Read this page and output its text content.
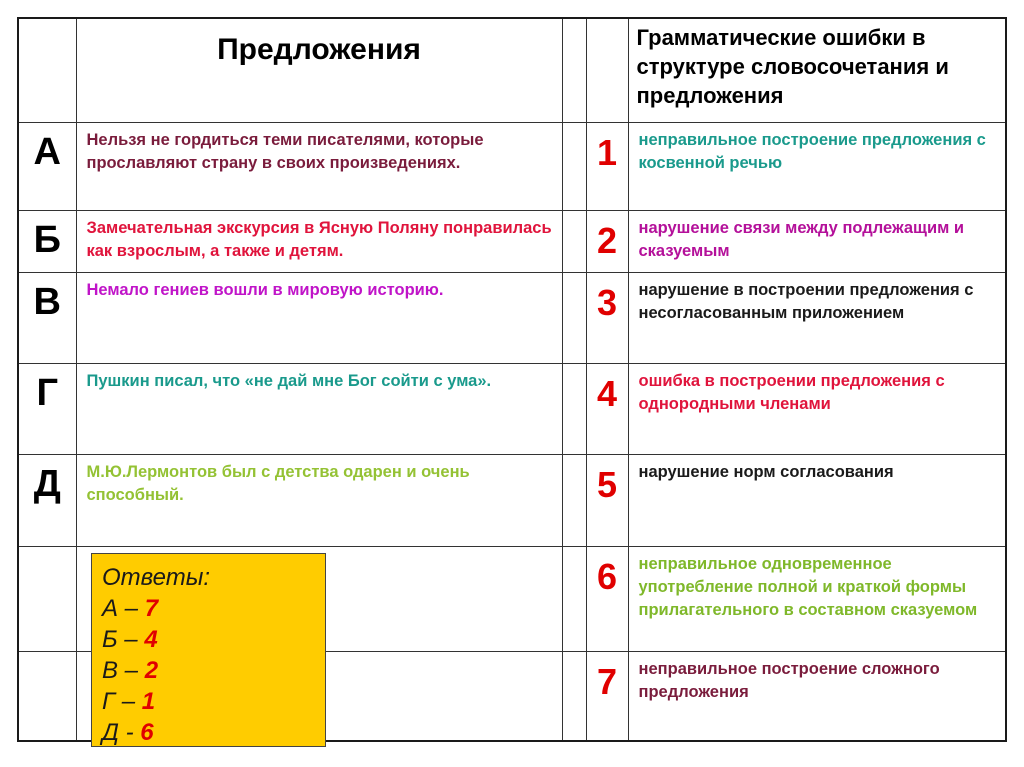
	Предложения			Грамматические ошибки в структуре словосочетания и предложения
А	Нельзя не гордиться теми писателями, которые прославляют страну в своих произведениях.		1	неправильное построение предложения с косвенной речью
Б	Замечательная экскурсия в Ясную Поляну понравилась как взрослым, а также и детям.		2	нарушение связи между подлежащим и сказуемым
В	Немало гениев вошли в мировую историю.		3	нарушение в построении предложения с несогласованным приложением
Г	Пушкин писал, что «не дай мне Бог сойти с ума».		4	ошибка в построении предложения с однородными членами
Д	М.Ю.Лермонтов был с детства одарен и очень способный.		5	нарушение норм согласования
			6	неправильное одновременное употребление полной и краткой формы прилагательного в составном сказуемом
			7	неправильное построение сложного предложения
Ответы:
А – 7
Б – 4
В – 2
Г – 1
Д - 6
